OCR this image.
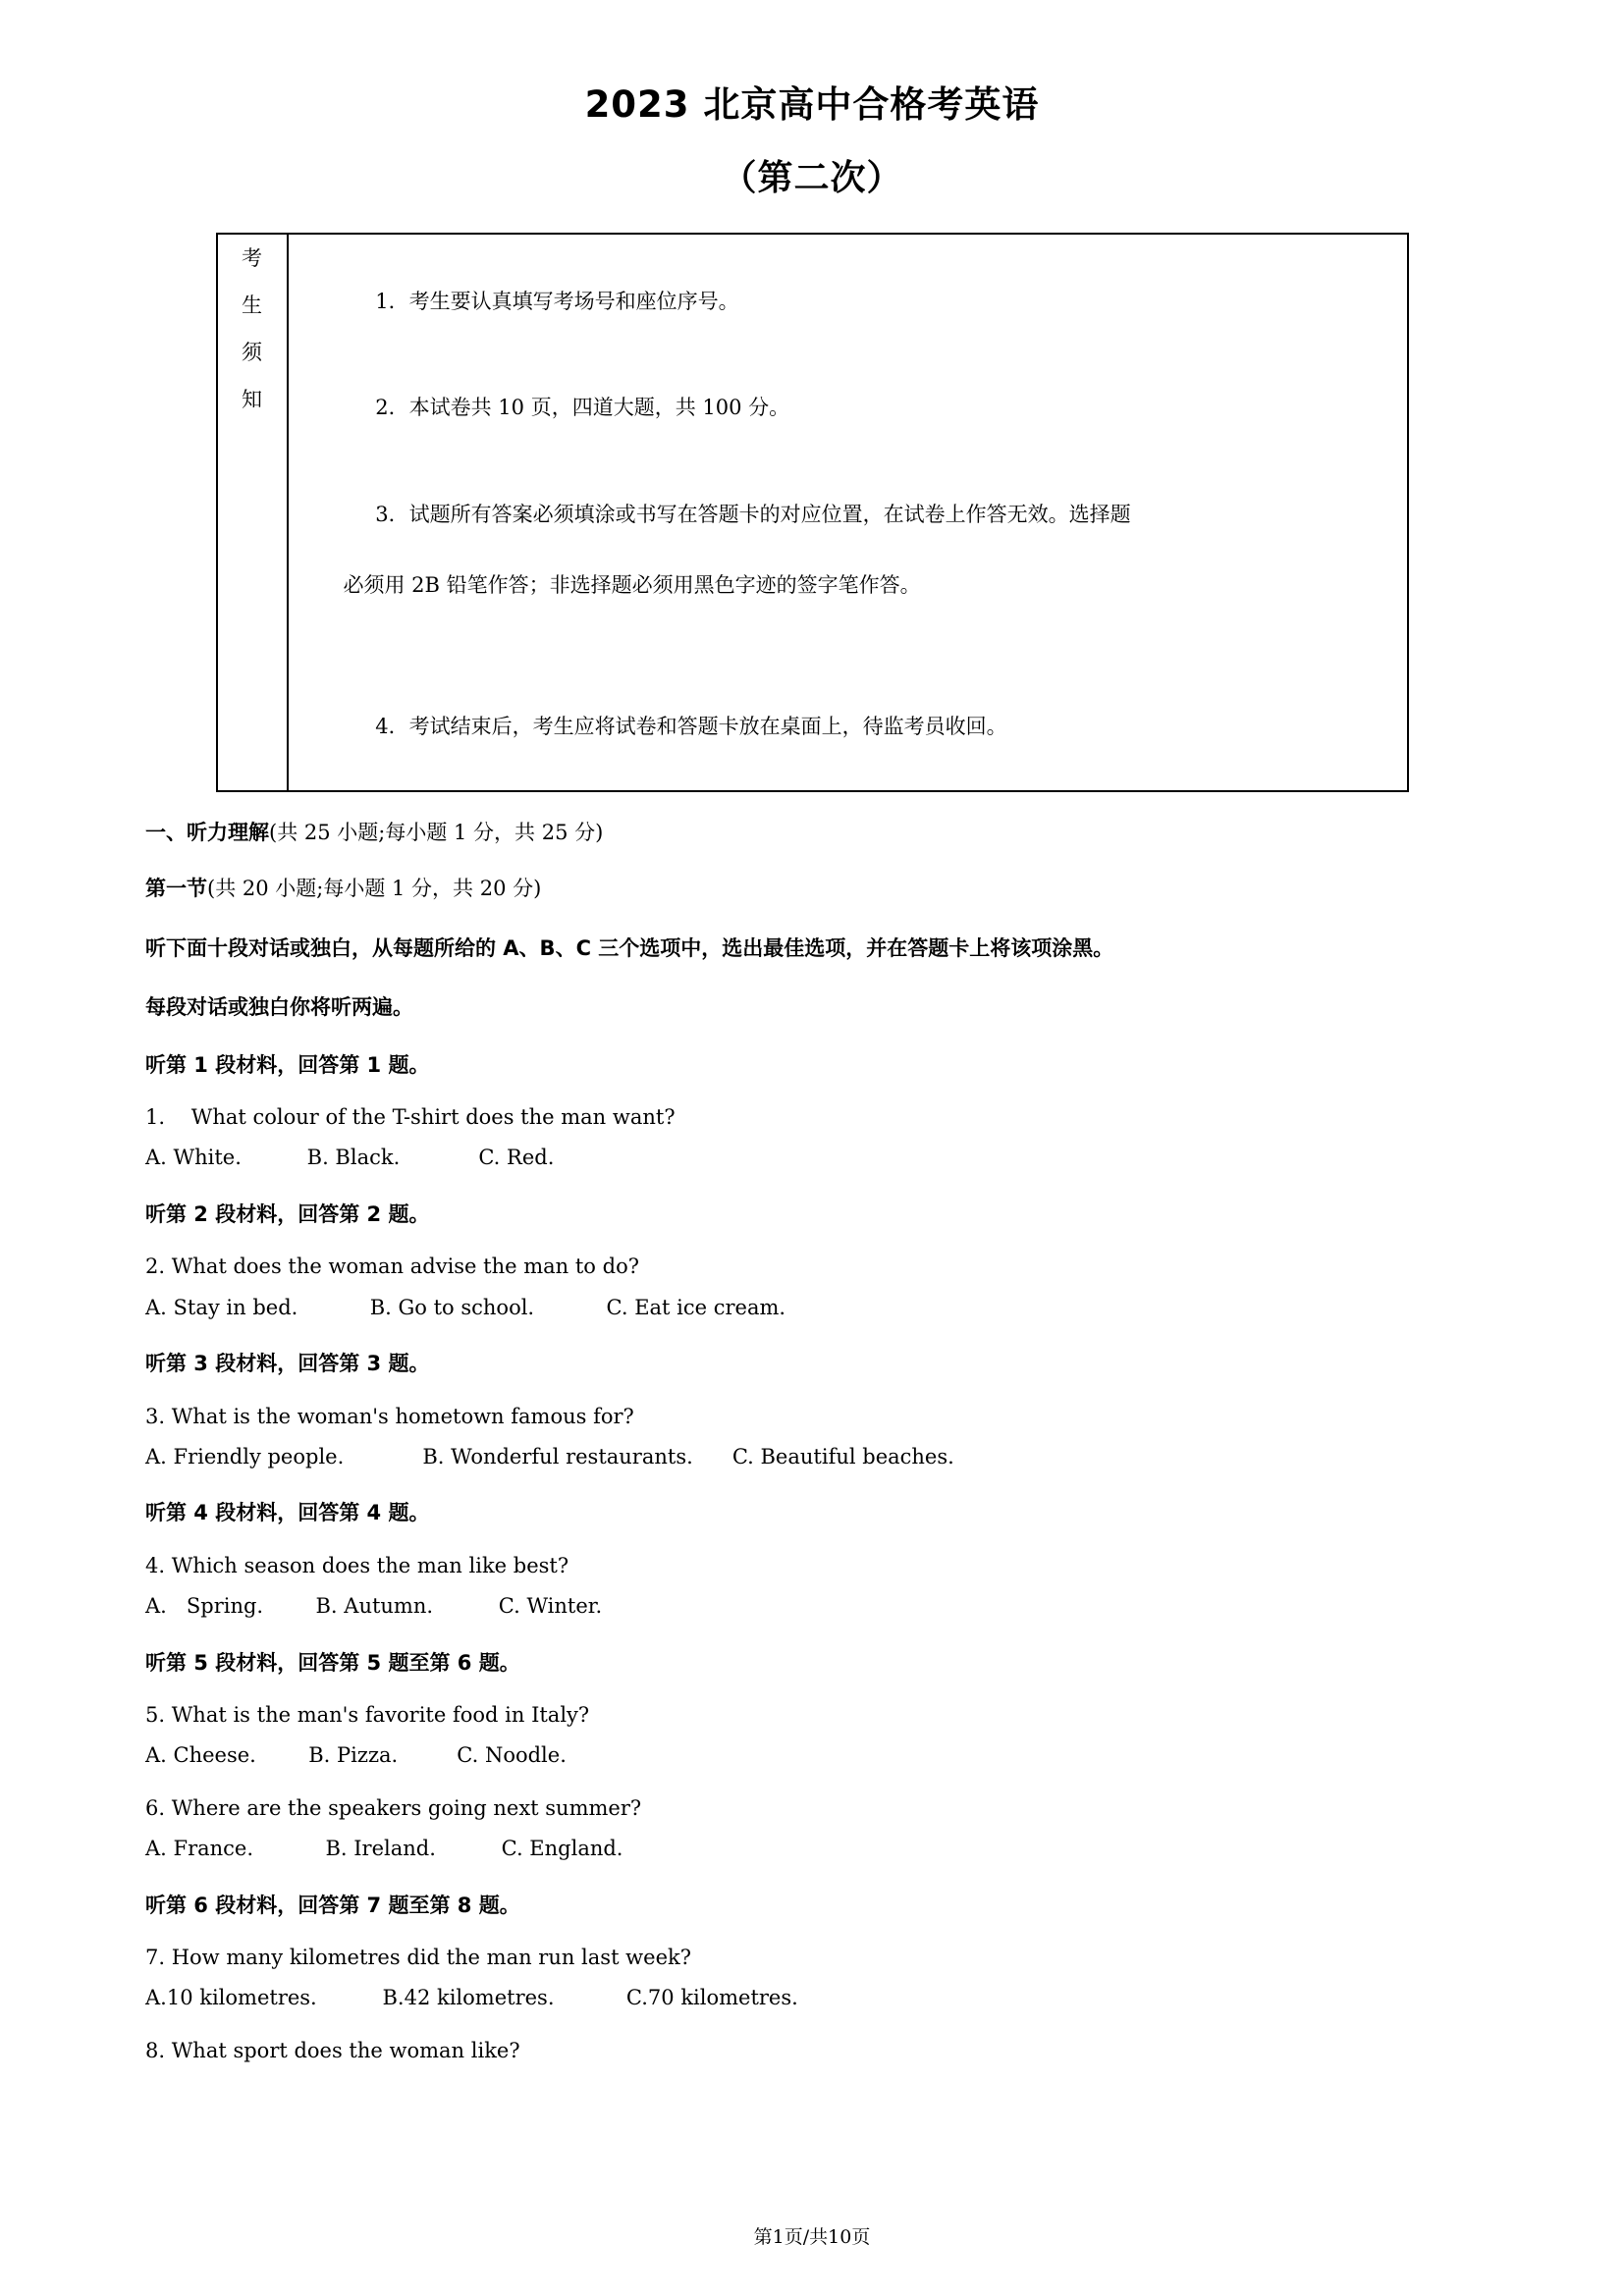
2023 北京高中合格考英语
（第二次）
考
生
须
知

1．考生要认真填写考场号和座位序号。

2．本试卷共 10 页，四道大题，共 100 分。

3．试题所有答案必须填涂或书写在答题卡的对应位置，在试卷上作答无效。选择题

必须用 2B 铅笔作答；非选择题必须用黑色字迹的签字笔作答。

4．考试结束后，考生应将试卷和答题卡放在桌面上，待监考员收回。

一、听力理解(共 25 小题;每小题 1 分，共 25 分)
第一节(共 20 小题;每小题 1 分，共 20 分)
听下面十段对话或独白，从每题所给的 A、B、C 三个选项中，选出最佳选项，并在答题卡上将该项涂黑。
每段对话或独白你将听两遍。
听第 1 段材料，回答第 1 题。
1.    What colour of the T-shirt does the man want?
A. White.          B. Black.            C. Red.
听第 2 段材料，回答第 2 题。
2. What does the woman advise the man to do?
A. Stay in bed.           B. Go to school.           C. Eat ice cream.
听第 3 段材料，回答第 3 题。
3. What is the woman's hometown famous for?
A. Friendly people.            B. Wonderful restaurants.      C. Beautiful beaches.
听第 4 段材料，回答第 4 题。
4. Which season does the man like best?
A.   Spring.        B. Autumn.          C. Winter.
听第 5 段材料，回答第 5 题至第 6 题。
5. What is the man's favorite food in Italy?
A. Cheese.        B. Pizza.         C. Noodle.
6. Where are the speakers going next summer?
A. France.           B. Ireland.          C. England.
听第 6 段材料，回答第 7 题至第 8 题。
7. How many kilometres did the man run last week?
A.10 kilometres.          B.42 kilometres.           C.70 kilometres.
8. What sport does the woman like?
第1页/共10页
